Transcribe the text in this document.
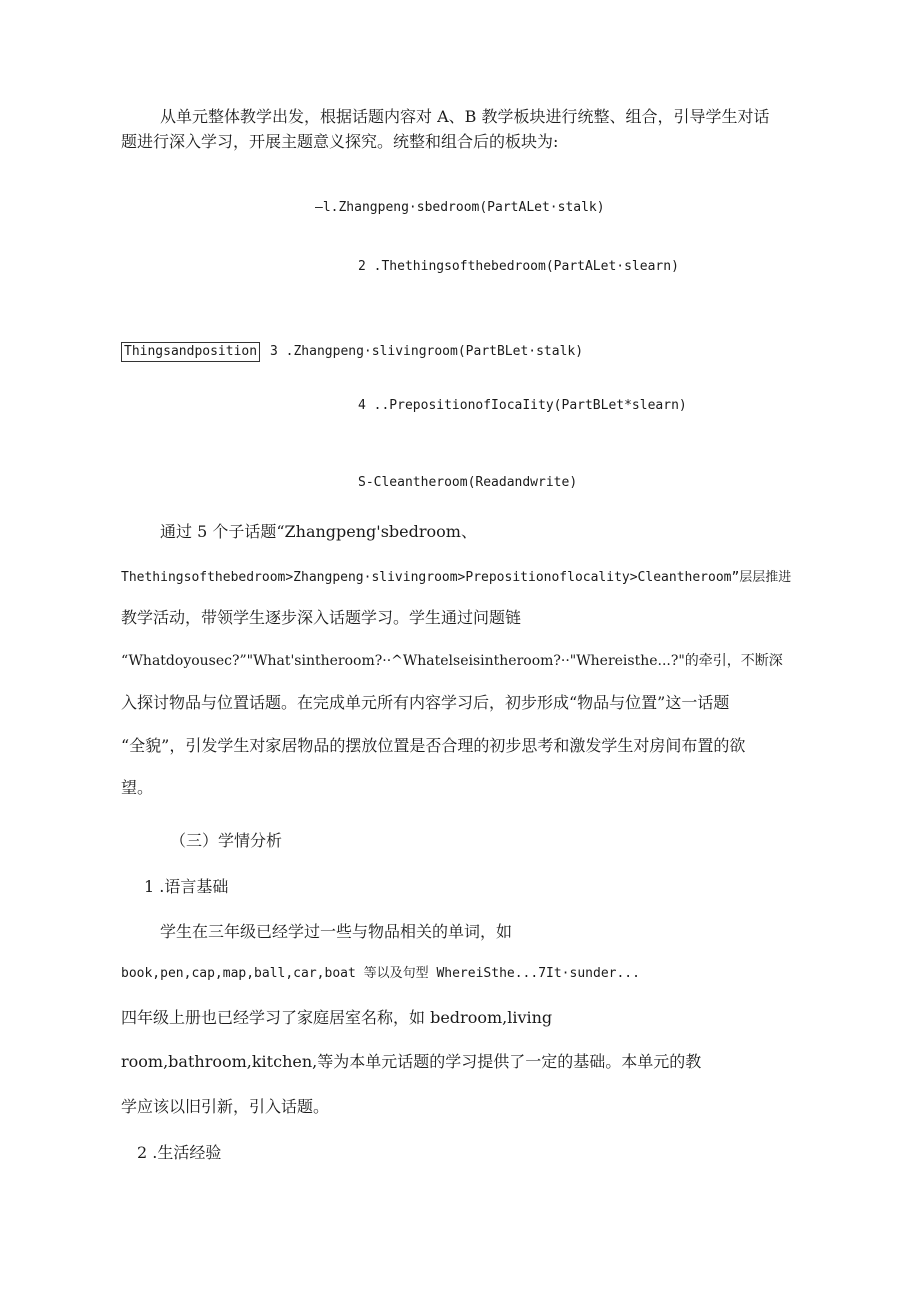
从单元整体教学出发，根据话题内容对 A、B 教学板块进行统整、组合，引导学生对话
题进行深入学习，开展主题意义探究。统整和组合后的板块为:
—l.Zhangpeng·sbedroom(PartALet·stalk)
2 .Thethingsofthebedroom(PartALet·slearn)
Thingsandposition 3 .Zhangpeng·slivingroom(PartBLet·stalk)
4 ..PrepositionofIocaIity(PartBLet*slearn)
S-Cleantheroom(Readandwrite)
通过 5 个子话题“Zhangpeng'sbedroom、
Thethingsofthebedroom>Zhangpeng·slivingroom>Prepositionoflocality>Cleantheroom”层层推进
教学活动，带领学生逐步深入话题学习。学生通过问题链
“Whatdoyousec?”"What'sintheroom?··^Whatelseisintheroom?··"Whereisthe...?"的牵引，不断深
入探讨物品与位置话题。在完成单元所有内容学习后，初步形成“物品与位置”这一话题
“全貌”，引发学生对家居物品的摆放位置是否合理的初步思考和激发学生对房间布置的欲
望。
（三）学情分析
1 .语言基础
学生在三年级已经学过一些与物品相关的单词，如
book,pen,cap,map,ball,car,boat 等以及句型 WhereiSthe...7It·sunder...
四年级上册也已经学习了家庭居室名称，如 bedroom,living
room,bathroom,kitchen,等为本单元话题的学习提供了一定的基础。本单元的教
学应该以旧引新，引入话题。
2 .生活经验
